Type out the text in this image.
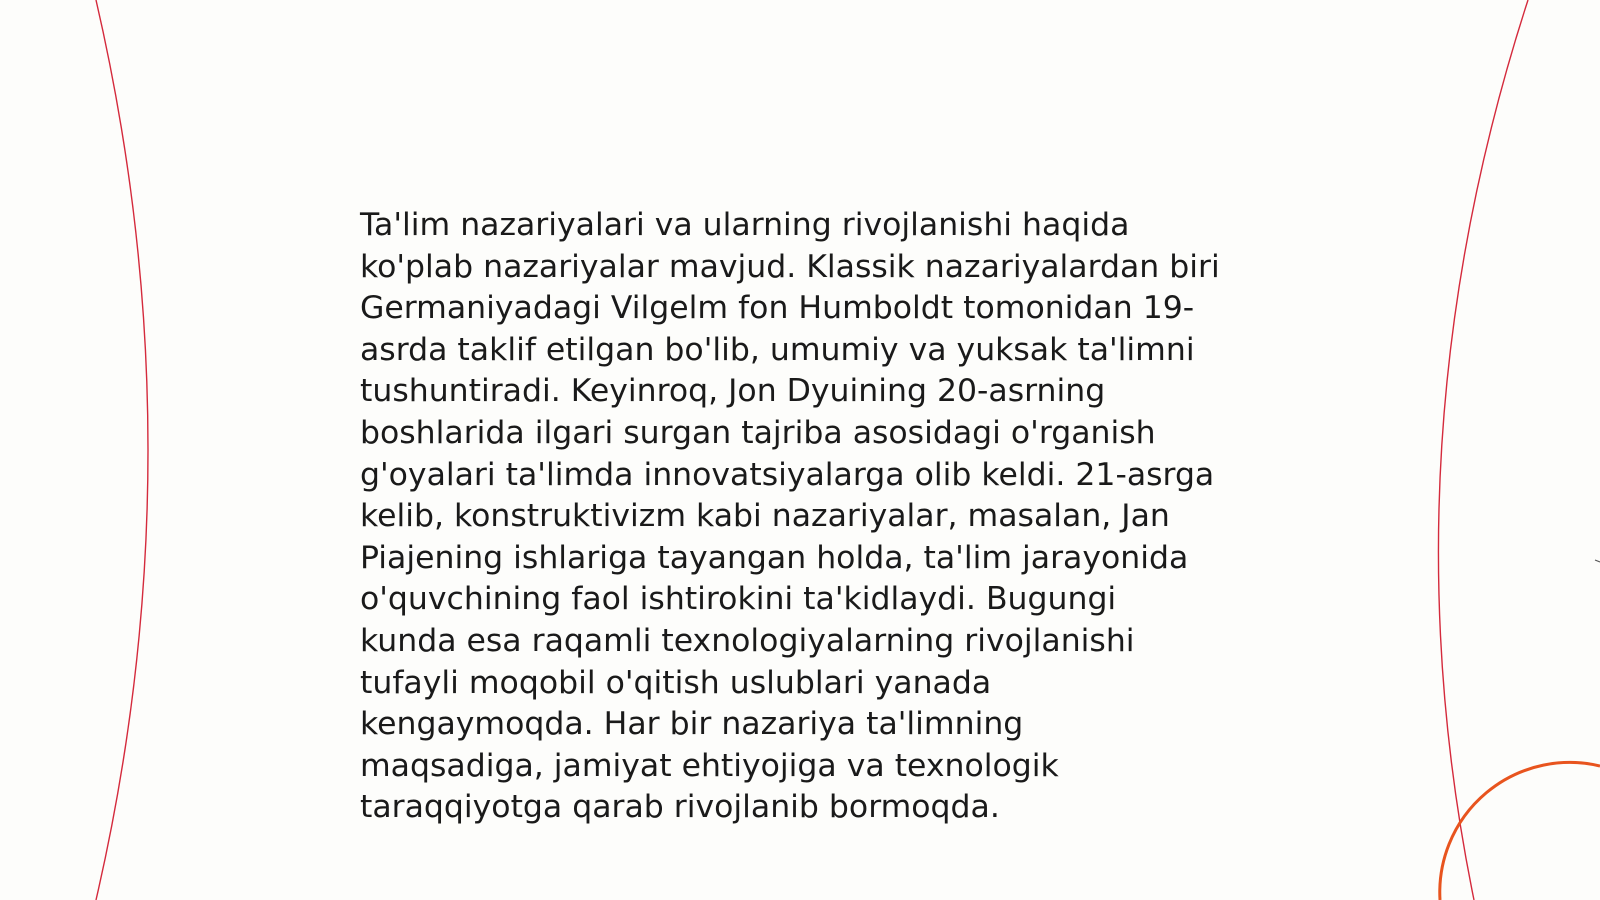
Ta'lim nazariyalari va ularning rivojlanishi haqida
ko'plab nazariyalar mavjud. Klassik nazariyalardan biri
Germaniyadagi Vilgelm fon Humboldt tomonidan 19-
asrda taklif etilgan bo'lib, umumiy va yuksak ta'limni
tushuntiradi. Keyinroq, Jon Dyuining 20-asrning
boshlarida ilgari surgan tajriba asosidagi o'rganish
g'oyalari ta'limda innovatsiyalarga olib keldi. 21-asrga
kelib, konstruktivizm kabi nazariyalar, masalan, Jan
Piajening ishlariga tayangan holda, ta'lim jarayonida
o'quvchining faol ishtirokini ta'kidlaydi. Bugungi
kunda esa raqamli texnologiyalarning rivojlanishi
tufayli moqobil o'qitish uslublari yanada
kengaymoqda. Har bir nazariya ta'limning
maqsadiga, jamiyat ehtiyojiga va texnologik
taraqqiyotga qarab rivojlanib bormoqda.
